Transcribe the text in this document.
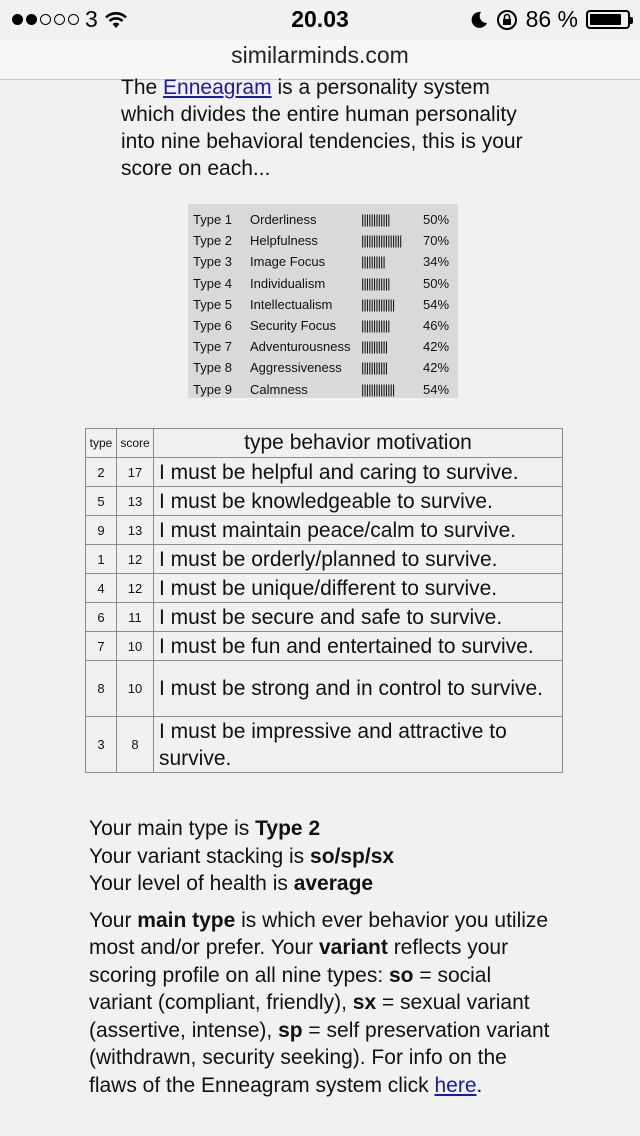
3	20.03	86 %
similarminds.com
The Enneagram is a personality system which divides the entire human personality into nine behavioral tendencies, this is your score on each...
Type 1 Orderliness	||||||||||||	50%
Type 2 Helpfulness	||||||||||||||||| 70%
Type 3 Image Focus	||||||||||	34%
Type 4 Individualism	||||||||||||	50%
Type 5 Intellectualism |||||||||||||| 54%
Type 6 Security Focus ||||||||||||	46%
Type 7 Adventurousness |||||||||||	42%
Type 8 Aggressiveness |||||||||||	42%
Type 9 Calmness	|||||||||||||| 54%
type	score	type behavior motivation
2	17	I must be helpful and caring to survive.
5	13	I must be knowledgeable to survive.
9	13	I must maintain peace/calm to survive.
1	12	I must be orderly/planned to survive.
4	12	I must be unique/different to survive.
6	11	I must be secure and safe to survive.
7	10	I must be fun and entertained to survive.
8	10	I must be strong and in control to survive.
3	8	I must be impressive and attractive to survive.
Your main type is Type 2
Your variant stacking is so/sp/sx
Your level of health is average
Your main type is which ever behavior you utilize most and/or prefer. Your variant reflects your scoring profile on all nine types: so = social variant (compliant, friendly), sx = sexual variant (assertive, intense), sp = self preservation variant (withdrawn, security seeking). For info on the flaws of the Enneagram system click here.
